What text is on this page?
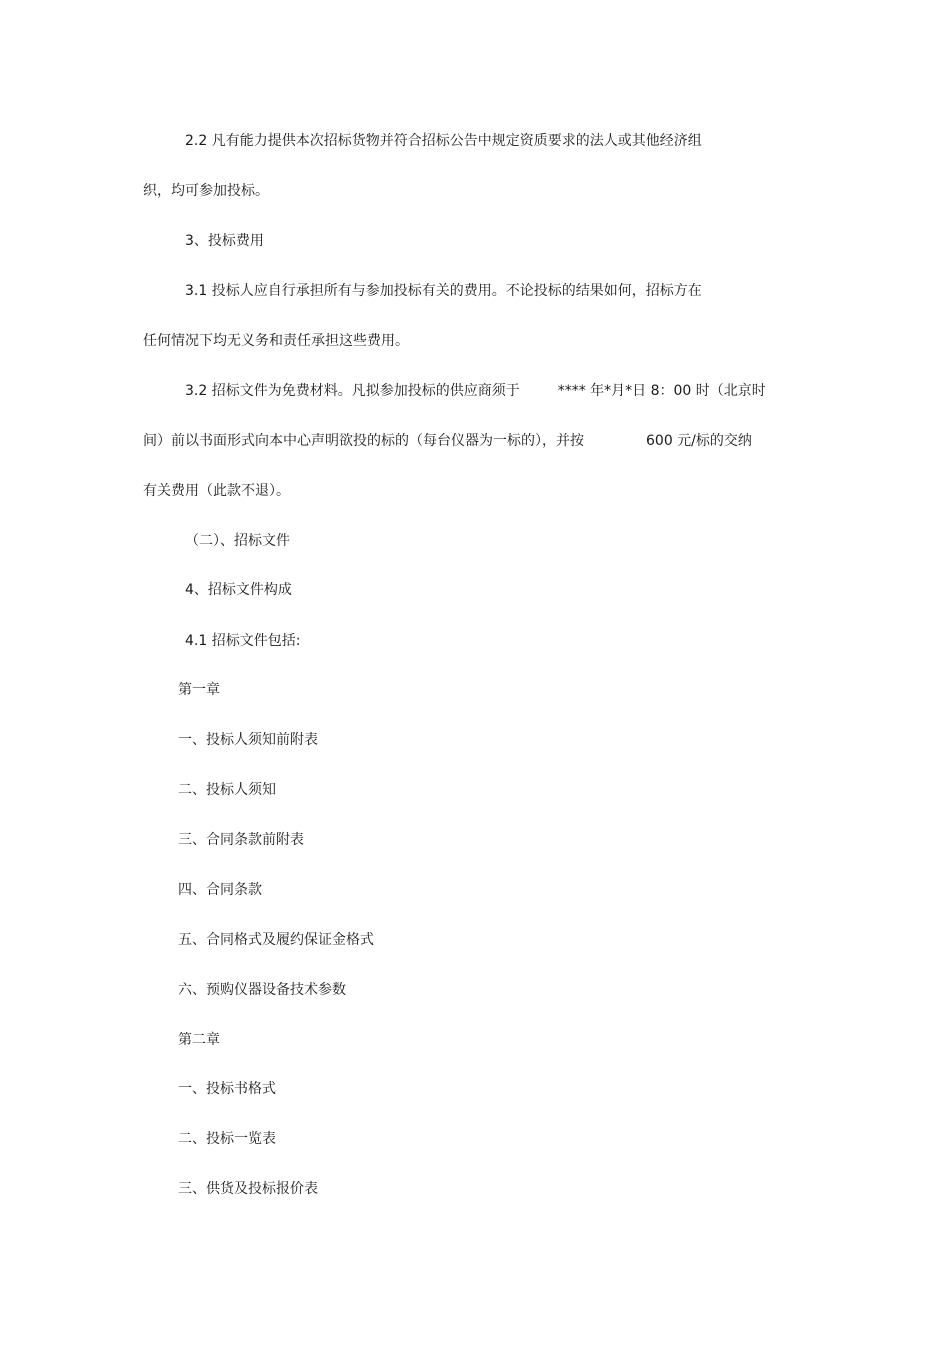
2.2 凡有能力提供本次招标货物并符合招标公告中规定资质要求的法人或其他经济组
织，均可参加投标。
3、投标费用
3.1 投标人应自行承担所有与参加投标有关的费用。不论投标的结果如何，招标方在
任何情况下均无义务和责任承担这些费用。
3.2 招标文件为免费材料。凡拟参加投标的供应商须于	**** 年*月*日 8：00 时（北京时
间）前以书面形式向本中心声明欲投的标的（每台仪器为一标的），并按	600 元/标的交纳
有关费用（此款不退）。
（二）、招标文件
4、招标文件构成
4.1 招标文件包括:
第一章
一、投标人须知前附表
二、投标人须知
三、合同条款前附表
四、合同条款
五、合同格式及履约保证金格式
六、预购仪器设备技术参数
第二章
一、投标书格式
二、投标一览表
三、供货及投标报价表
